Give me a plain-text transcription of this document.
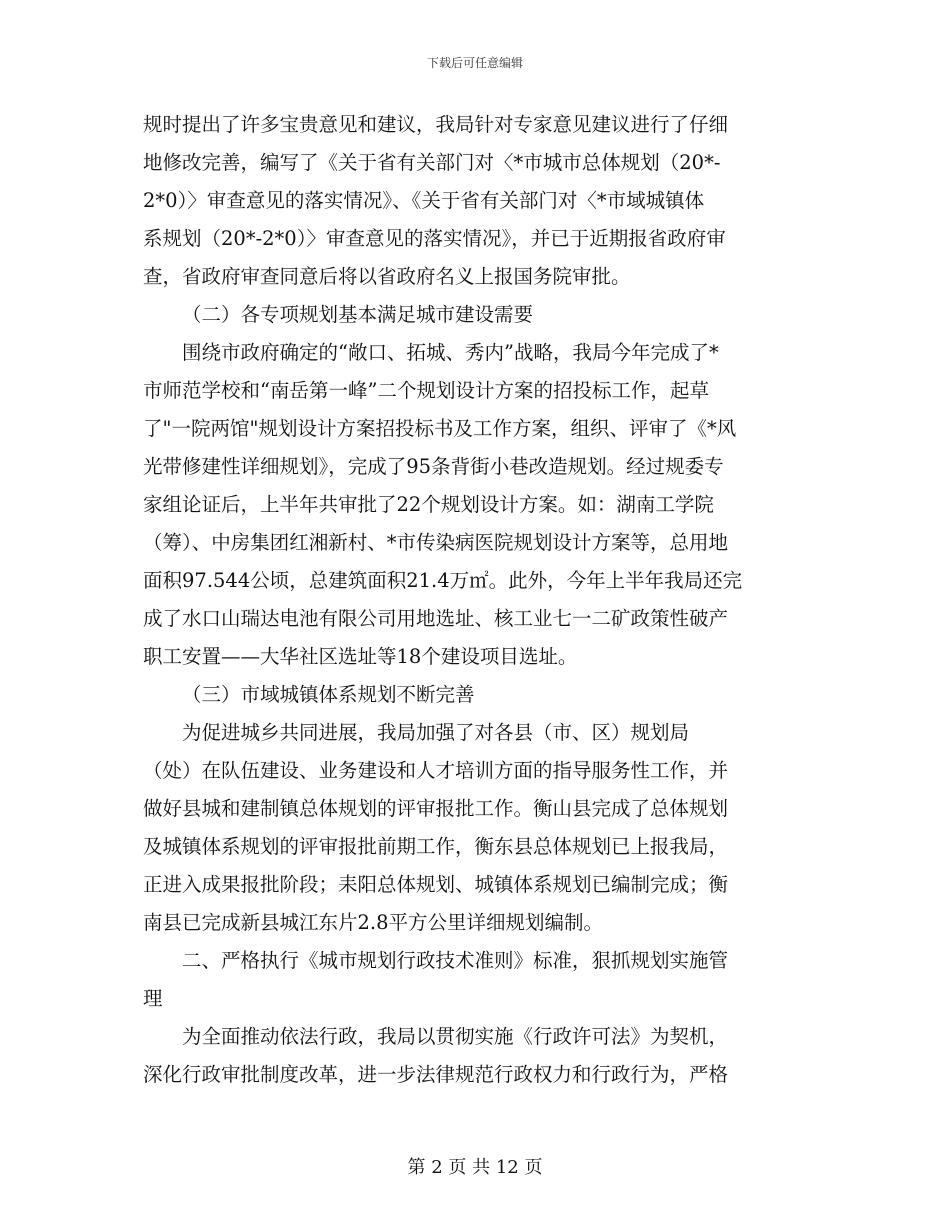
下载后可任意编辑

规时提出了许多宝贵意见和建议，我局针对专家意见建议进行了仔细
地修改完善，编写了《关于省有关部门对〈*市城市总体规划（20*-
2*0）〉审查意见的落实情况》、《关于省有关部门对〈*市域城镇体
系规划（20*-2*0）〉审查意见的落实情况》，并已于近期报省政府审
查，省政府审查同意后将以省政府名义上报国务院审批。

（二）各专项规划基本满足城市建设需要

围绕市政府确定的“敞口、拓城、秀内”战略，我局今年完成了*
市师范学校和“南岳第一峰”二个规划设计方案的招投标工作，起草
了"一院两馆"规划设计方案招投标书及工作方案，组织、评审了《*风
光带修建性详细规划》，完成了95条背街小巷改造规划。经过规委专
家组论证后，上半年共审批了22个规划设计方案。如：湖南工学院
（筹）、中房集团红湘新村、*市传染病医院规划设计方案等，总用地
面积97.544公顷，总建筑面积21.4万㎡。此外，今年上半年我局还完
成了水口山瑞达电池有限公司用地选址、核工业七一二矿政策性破产
职工安置——大华社区选址等18个建设项目选址。

（三）市域城镇体系规划不断完善

为促进城乡共同进展，我局加强了对各县（市、区）规划局
（处）在队伍建设、业务建设和人才培训方面的指导服务性工作，并
做好县城和建制镇总体规划的评审报批工作。衡山县完成了总体规划
及城镇体系规划的评审报批前期工作，衡东县总体规划已上报我局，
正进入成果报批阶段；耒阳总体规划、城镇体系规划已编制完成；衡
南县已完成新县城江东片2.8平方公里详细规划编制。

二、严格执行《城市规划行政技术准则》标准，狠抓规划实施管
理

为全面推动依法行政，我局以贯彻实施《行政许可法》为契机，
深化行政审批制度改革，进一步法律规范行政权力和行政行为，严格

第 2 页 共 12 页
